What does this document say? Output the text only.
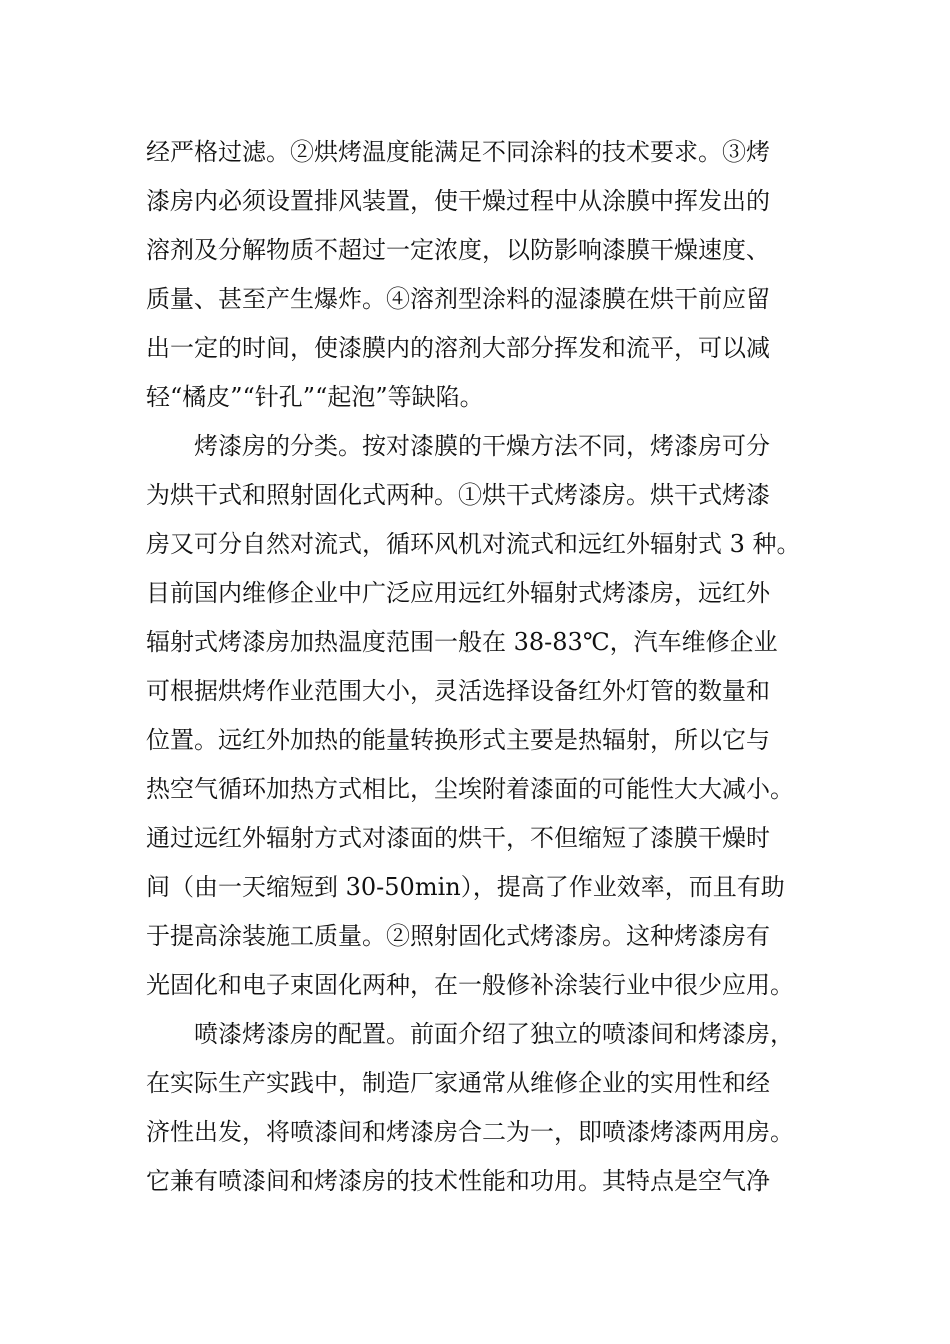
经严格过滤。②烘烤温度能满足不同涂料的技术要求。③烤
漆房内必须设置排风装置，使干燥过程中从涂膜中挥发出的
溶剂及分解物质不超过一定浓度，以防影响漆膜干燥速度、
质量、甚至产生爆炸。④溶剂型涂料的湿漆膜在烘干前应留
出一定的时间，使漆膜内的溶剂大部分挥发和流平，可以减
轻“橘皮”“针孔”“起泡”等缺陷。
　　烤漆房的分类。按对漆膜的干燥方法不同，烤漆房可分
为烘干式和照射固化式两种。①烘干式烤漆房。烘干式烤漆
房又可分自然对流式，循环风机对流式和远红外辐射式 3 种。
目前国内维修企业中广泛应用远红外辐射式烤漆房，远红外
辐射式烤漆房加热温度范围一般在 38-83℃，汽车维修企业
可根据烘烤作业范围大小，灵活选择设备红外灯管的数量和
位置。远红外加热的能量转换形式主要是热辐射，所以它与
热空气循环加热方式相比，尘埃附着漆面的可能性大大减小。
通过远红外辐射方式对漆面的烘干，不但缩短了漆膜干燥时
间（由一天缩短到 30-50min），提高了作业效率，而且有助
于提高涂装施工质量。②照射固化式烤漆房。这种烤漆房有
光固化和电子束固化两种，在一般修补涂装行业中很少应用。
　　喷漆烤漆房的配置。前面介绍了独立的喷漆间和烤漆房，
在实际生产实践中，制造厂家通常从维修企业的实用性和经
济性出发，将喷漆间和烤漆房合二为一，即喷漆烤漆两用房。
它兼有喷漆间和烤漆房的技术性能和功用。其特点是空气净
